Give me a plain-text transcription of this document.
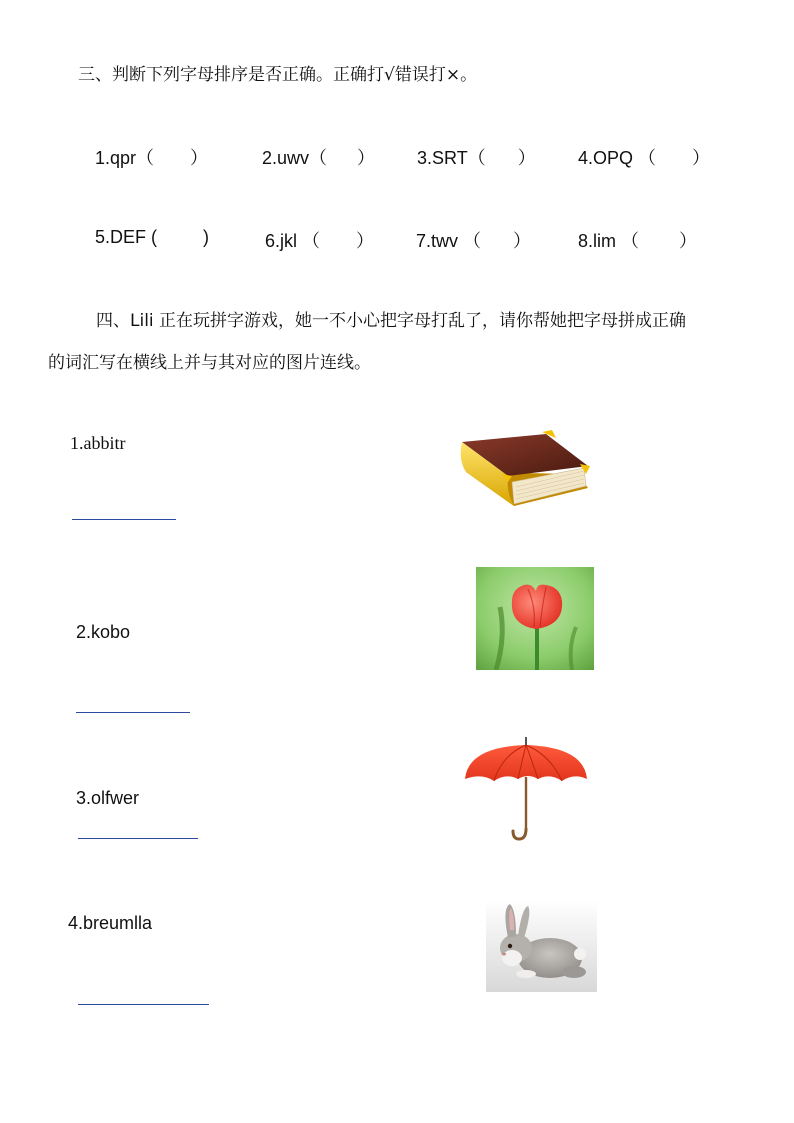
三、判断下列字母排序是否正确。正确打√错误打×。
1.qpr（ ）	2.uwv（ ） 3.SRT（ ） 4.OPQ （ ）
5.DEF (	)	6.jkl （ ） 7.twv （ ）	8.lim （ ）
四、Lili 正在玩拼字游戏，她一不小心把字母打乱了，请你帮她把字母拼成正确
的词汇写在横线上并与其对应的图片连线。
1.abbitr
2.kobo
3.olfwer
4.breumlla
